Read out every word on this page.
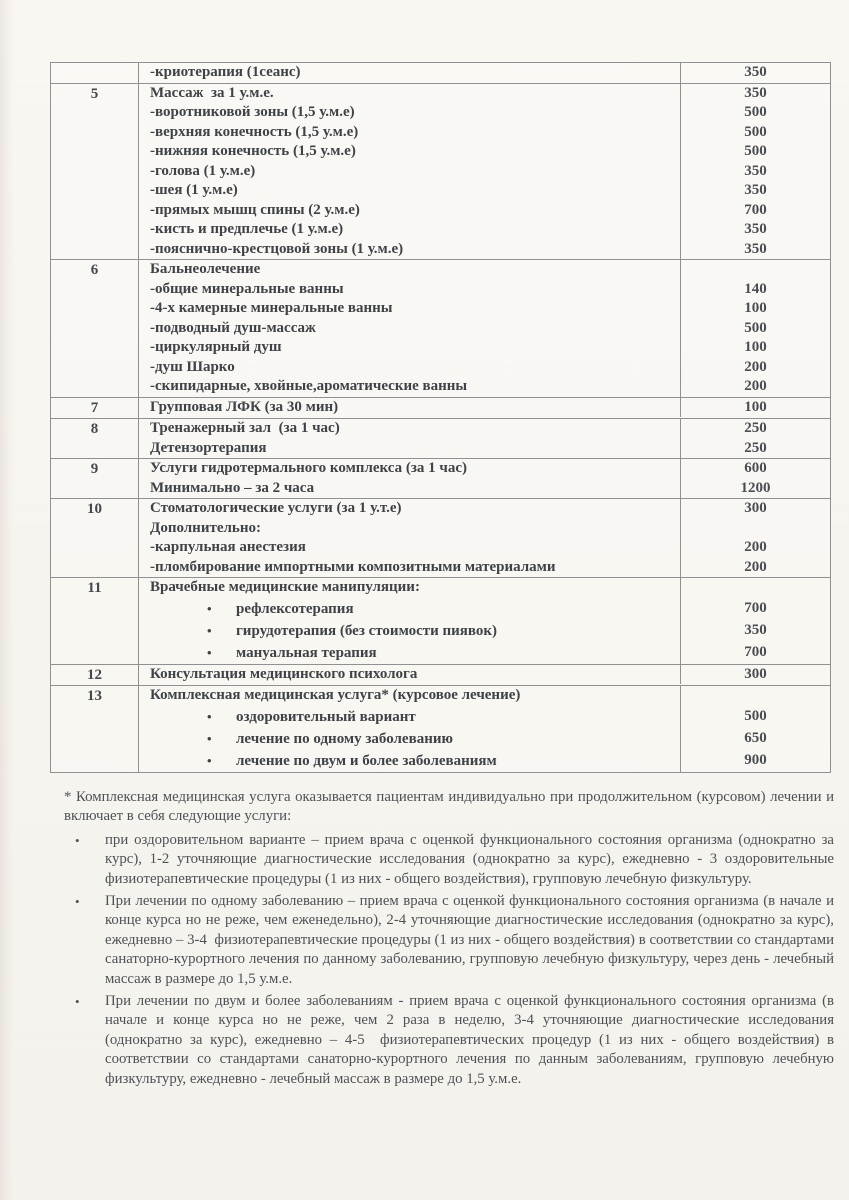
-криотерапия (1сеанс)	350
5	Массаж  за 1 у.м.е.	350
-воротниковой зоны (1,5 у.м.е)	500
-верхняя конечность (1,5 у.м.е)	500
-нижняя конечность (1,5 у.м.е)	500
-голова (1 у.м.е)	350
-шея (1 у.м.е)	350
-прямых мышц спины (2 у.м.е)	700
-кисть и предплечье (1 у.м.е)	350
-пояснично-крестцовой зоны (1 у.м.е)	350
6	Бальнеолечение
-общие минеральные ванны	140
-4-х камерные минеральные ванны	100
-подводный душ-массаж	500
-циркулярный душ	100
-душ Шарко	200
-скипидарные, хвойные,ароматические ванны	200
7	Групповая ЛФК (за 30 мин)	100
8	Тренажерный зал  (за 1 час)	250
Детензортерапия	250
9	Услуги гидротермального комплекса (за 1 час)	600
Минимально – за 2 часа	1200
10	Стоматологические услуги (за 1 у.т.е)	300
Дополнительно:
-карпульная анестезия	200
-пломбирование импортными композитными материалами	200
11	Врачебные медицинские манипуляции:
• рефлексотерапия	700
• гирудотерапия (без стоимости пиявок)	350
• мануальная терапия	700
12	Консультация медицинского психолога	300
13	Комплексная медицинская услуга* (курсовое лечение)
• оздоровительный вариант	500
• лечение по одному заболеванию	650
• лечение по двум и более заболеваниям	900

* Комплексная медицинская услуга оказывается пациентам индивидуально при продолжительном (курсовом) лечении и включает в себя следующие услуги:

• при оздоровительном варианте – прием врача с оценкой функционального состояния организма (однократно за курс), 1-2 уточняющие диагностические исследования (однократно за курс), ежедневно - 3 оздоровительные физиотерапевтические процедуры (1 из них - общего воздействия), групповую лечебную физкультуру.
• При лечении по одному заболеванию – прием врача с оценкой функционального состояния организма (в начале и конце курса но не реже, чем еженедельно), 2-4 уточняющие диагностические исследования (однократно за курс), ежедневно – 3-4  физиотерапевтические процедуры (1 из них - общего воздействия) в соответствии со стандартами санаторно-курортного лечения по данному заболеванию, групповую лечебную физкультуру, через день - лечебный массаж в размере до 1,5 у.м.е.
• При лечении по двум и более заболеваниям - прием врача с оценкой функционального состояния организма (в начале и конце курса но не реже, чем 2 раза в неделю, 3-4 уточняющие диагностические исследования (однократно за курс), ежедневно – 4-5  физиотерапевтических процедур (1 из них - общего воздействия) в соответствии со стандартами санаторно-курортного лечения по данным заболеваниям, групповую лечебную физкультуру, ежедневно - лечебный массаж в размере до 1,5 у.м.е.
